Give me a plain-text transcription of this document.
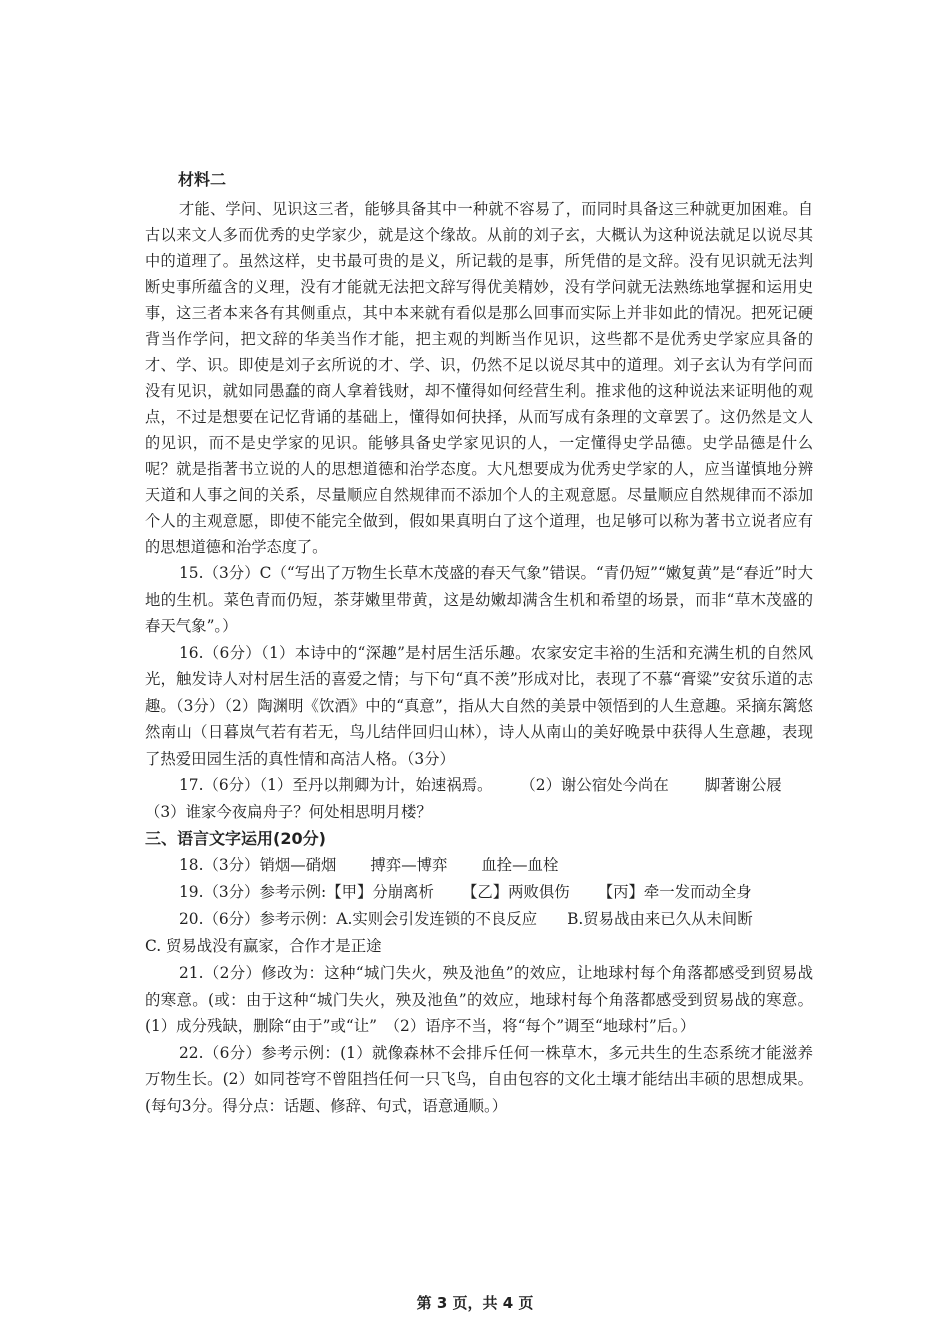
材料二

才能、学问、见识这三者，能够具备其中一种就不容易了，而同时具备这三种就更加困难。自古以来文人多而优秀的史学家少，就是这个缘故。从前的刘子玄，大概认为这种说法就足以说尽其中的道理了。虽然这样，史书最可贵的是义，所记载的是事，所凭借的是文辞。没有见识就无法判断史事所蕴含的义理，没有才能就无法把文辞写得优美精妙，没有学问就无法熟练地掌握和运用史事，这三者本来各有其侧重点，其中本来就有看似是那么回事而实际上并非如此的情况。把死记硬背当作学问，把文辞的华美当作才能，把主观的判断当作见识，这些都不是优秀史学家应具备的才、学、识。即使是刘子玄所说的才、学、识，仍然不足以说尽其中的道理。刘子玄认为有学问而没有见识，就如同愚蠢的商人拿着钱财，却不懂得如何经营生利。推求他的这种说法来证明他的观点，不过是想要在记忆背诵的基础上，懂得如何抉择，从而写成有条理的文章罢了。这仍然是文人的见识，而不是史学家的见识。能够具备史学家见识的人，一定懂得史学品德。史学品德是什么呢？就是指著书立说的人的思想道德和治学态度。大凡想要成为优秀史学家的人，应当谨慎地分辨天道和人事之间的关系，尽量顺应自然规律而不添加个人的主观意愿。尽量顺应自然规律而不添加个人的主观意愿，即使不能完全做到，假如果真明白了这个道理，也足够可以称为著书立说者应有的思想道德和治学态度了。

15.（3分）C（“写出了万物生长草木茂盛的春天气象”错误。“青仍短”“嫩复黄”是“春近”时大地的生机。菜色青而仍短，茶芽嫩里带黄，这是幼嫩却满含生机和希望的场景，而非“草木茂盛的春天气象”。）

16.（6分）（1）本诗中的“深趣”是村居生活乐趣。农家安定丰裕的生活和充满生机的自然风光，触发诗人对村居生活的喜爱之情；与下句“真不羡”形成对比，表现了不慕“膏粱”安贫乐道的志趣。（3分）（2）陶渊明《饮酒》中的“真意”，指从大自然的美景中领悟到的人生意趣。采摘东篱悠然南山（日暮岚气若有若无，鸟儿结伴回归山林），诗人从南山的美好晚景中获得人生意趣，表现了热爱田园生活的真性情和高洁人格。（3分）

17.（6分）（1）至丹以荆卿为计，始速祸焉。 （2）谢公宿处今尚在 脚著谢公屐

（3）谁家今夜扁舟子？何处相思明月楼？

三、语言文字运用(20分)

18.（3分）销烟—硝烟 搏弈—博弈 血拴—血栓

19.（3分）参考示例:【甲】分崩离析 【乙】两败俱伤 【丙】牵一发而动全身

20.（6分）参考示例：A.实则会引发连锁的不良反应 B.贸易战由来已久从未间断

C. 贸易战没有赢家，合作才是正途

21.（2分）修改为：这种“城门失火，殃及池鱼”的效应，让地球村每个角落都感受到贸易战的寒意。(或：由于这种“城门失火，殃及池鱼”的效应，地球村每个角落都感受到贸易战的寒意。(1）成分残缺，删除“由于”或“让”　（2）语序不当，将“每个”调至“地球村”后。）

22.（6分）参考示例：(1）就像森林不会排斥任何一株草木，多元共生的生态系统才能滋养万物生长。(2）如同苍穹不曾阻挡任何一只飞鸟，自由包容的文化土壤才能结出丰硕的思想成果。(每句3分。得分点：话题、修辞、句式，语意通顺。）

第 3 页，共 4 页
